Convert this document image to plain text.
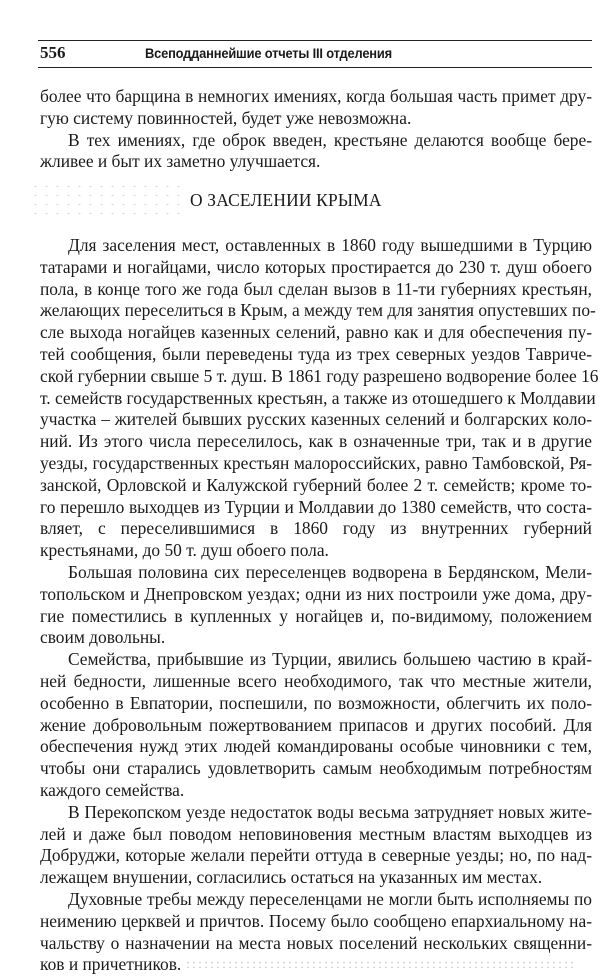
556	Всеподданнейшие отчеты III отделения
более что барщина в немногих имениях, когда большая часть примет дру-
гую систему повинностей, будет уже невозможна.
В тех имениях, где оброк введен, крестьяне делаются вообще бере-
жливее и быт их заметно улучшается.
Для заселения мест, оставленных в 1860 году вышедшими в Турцию
татарами и ногайцами, число которых простирается до 230 т. душ обоего
пола, в конце того же года был сделан вызов в 11-ти губерниях крестьян,
желающих переселиться в Крым, а между тем для занятия опустевших по-
сле выхода ногайцев казенных селений, равно как и для обеспечения пу-
тей сообщения, были переведены туда из трех северных уездов Тавриче-
ской губернии свыше 5 т. душ. В 1861 году разрешено водворение более 16
т. семейств государственных крестьян, а также из отошедшего к Молдавии
участка – жителей бывших русских казенных селений и болгарских коло-
ний. Из этого числа переселилось, как в означенные три, так и в другие
уезды, государственных крестьян малороссийских, равно Тамбовской, Ря-
занской, Орловской и Калужской губерний более 2 т. семейств; кроме то-
го перешло выходцев из Турции и Молдавии до 1380 семейств, что соста-
вляет, с переселившимися в 1860 году из внутренних губерний
крестьянами, до 50 т. душ обоего пола.
Большая половина сих переселенцев водворена в Бердянском, Мели-
топольском и Днепровском уездах; одни из них построили уже дома, дру-
гие поместились в купленных у ногайцев и, по-видимому, положением
своим довольны.
Семейства, прибывшие из Турции, явились большею частию в край-
ней бедности, лишенные всего необходимого, так что местные жители,
особенно в Евпатории, поспешили, по возможности, облегчить их поло-
жение добровольным пожертвованием припасов и других пособий. Для
обеспечения нужд этих людей командированы особые чиновники с тем,
чтобы они старались удовлетворить самым необходимым потребностям
каждого семейства.
В Перекопском уезде недостаток воды весьма затрудняет новых жите-
лей и даже был поводом неповиновения местным властям выходцев из
Добруджи, которые желали перейти оттуда в северные уезды; но, по над-
лежащем внушении, согласились остаться на указанных им местах.
Духовные требы между переселенцами не могли быть исполняемы по
неимению церквей и причтов. Посему было сообщено епархиальному на-
чальству о назначении на места новых поселений нескольких священни-
ков и причетников.
О ЗАСЕЛЕНИИ КРЫМА
